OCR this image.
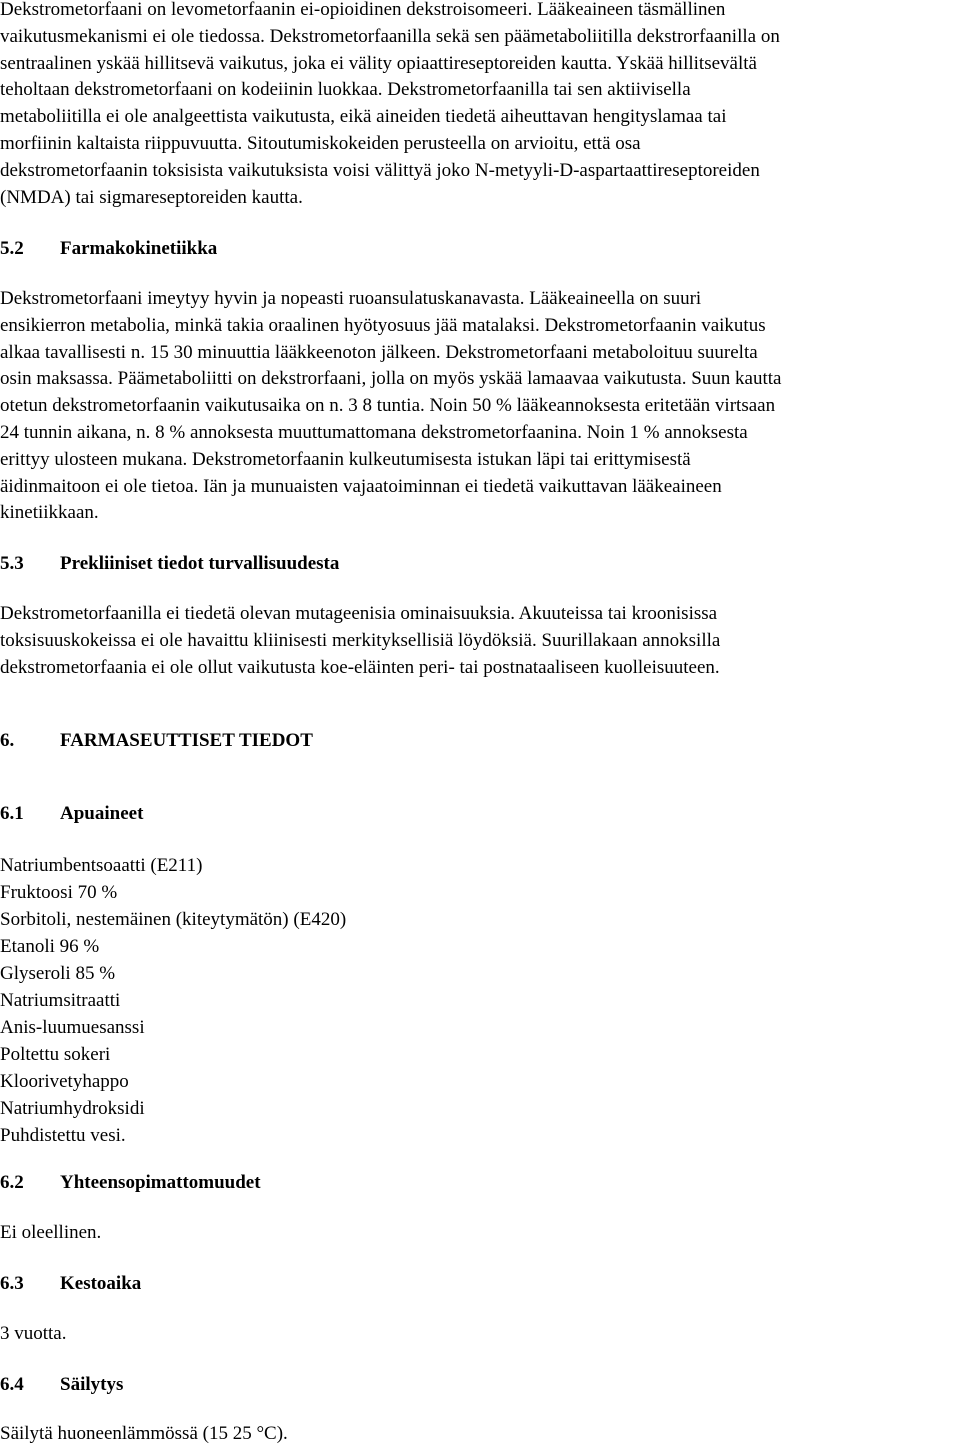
Dekstrometorfaani on levometorfaanin ei-opioidinen dekstroisomeeri. Lääkeaineen täsmällinen
vaikutusmekanismi ei ole tiedossa. Dekstrometorfaanilla sekä sen päämetaboliitilla dekstrorfaanilla on
sentraalinen yskää hillitsevä vaikutus, joka ei välity opiaattireseptoreiden kautta. Yskää hillitsevältä
teholtaan dekstrometorfaani on kodeiinin luokkaa. Dekstrometorfaanilla tai sen aktiivisella
metaboliitilla ei ole analgeettista vaikutusta, eikä aineiden tiedetä aiheuttavan hengityslamaa tai
morfiinin kaltaista riippuvuutta. Sitoutumiskokeiden perusteella on arvioitu, että osa
dekstrometorfaanin toksisista vaikutuksista voisi välittyä joko N-metyyli-D-aspartaattireseptoreiden
(NMDA) tai sigmareseptoreiden kautta.

5.2 Farmakokinetiikka

Dekstrometorfaani imeytyy hyvin ja nopeasti ruoansulatuskanavasta. Lääkeaineella on suuri
ensikierron metabolia, minkä takia oraalinen hyötyosuus jää matalaksi. Dekstrometorfaanin vaikutus
alkaa tavallisesti n. 15 30 minuuttia lääkkeenoton jälkeen. Dekstrometorfaani metaboloituu suurelta
osin maksassa. Päämetaboliitti on dekstrorfaani, jolla on myös yskää lamaavaa vaikutusta. Suun kautta
otetun dekstrometorfaanin vaikutusaika on n. 3 8 tuntia. Noin 50 % lääkeannoksesta eritetään virtsaan
24 tunnin aikana, n. 8 % annoksesta muuttumattomana dekstrometorfaanina. Noin 1 % annoksesta
erittyy ulosteen mukana. Dekstrometorfaanin kulkeutumisesta istukan läpi tai erittymisestä
äidinmaitoon ei ole tietoa. Iän ja munuaisten vajaatoiminnan ei tiedetä vaikuttavan lääkeaineen
kinetiikkaan.

5.3 Prekliiniset tiedot turvallisuudesta

Dekstrometorfaanilla ei tiedetä olevan mutageenisia ominaisuuksia. Akuuteissa tai kroonisissa
toksisuuskokeissa ei ole havaittu kliinisesti merkityksellisiä löydöksiä. Suurillakaan annoksilla
dekstrometorfaania ei ole ollut vaikutusta koe-eläinten peri- tai postnataaliseen kuolleisuuteen.

6. FARMASEUTTISET TIEDOT
6.1 Apuaineet
Natriumbentsoaatti (E211)
Fruktoosi 70 %
Sorbitoli, nestemäinen (kiteytymätön) (E420)
Etanoli 96 %
Glyseroli 85 %
Natriumsitraatti
Anis-luumuesanssi
Poltettu sokeri
Kloorivetyhappo
Natriumhydroksidi
Puhdistettu vesi.
6.2 Yhteensopimattomuudet

Ei oleellinen.

6.3 Kestoaika

3 vuotta.

6.4 Säilytys

Säilytä huoneenlämmössä (15 25 °C).
